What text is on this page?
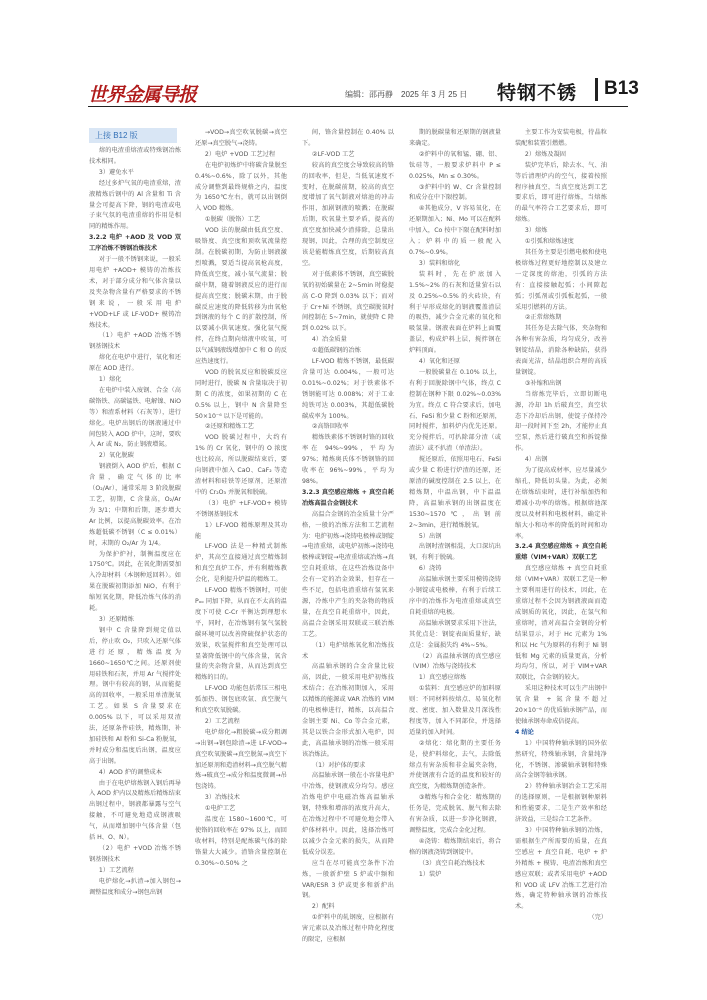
世界金属导报	编辑：邵再静　2025 年 3 月 25 日 特钢不锈 B13
上接 B12 版

熔的电渣重熔渣或特殊钢冶炼技术相同。

3）避免水平

经过多炉气氧的电渣重熔，渣液精炼后钢中的 Al 含量和 Ti 含量会可提高下降，钢的电渣或电子束气氛的电渣重熔的作用是相同的精炼作用。

3.2.2 电炉 +AOD 及 VOD 双工序冶炼不锈钢冶炼技术

对于一般不锈钢来说，一般采用电炉 +AOD+ 模铸的冶炼技术，对于部分成分和气体含量以及夹杂物含量有严格要求的不锈钢来说，一般采用电炉 +VOD+LF 或 LF-VOD+ 模铸冶炼技术。

（1）电炉 +AOD 冶炼不锈钢基钢技术

熔化在电炉中进行，氧化和还原在 AOD 进行。

1）熔化

在电炉中装入废钢、合金（高碳铬铁、高碳锰铁、电解镍、NiO 等）和渣系材料（石灰等），进行熔化。电炉出钢后的钢液通过中间包转入 AOD 炉中，这时，要吹入 Ar 或 N₂，防止钢液增氮。

2）氧化脱碳

钢液倒入 AOD 炉后，根据 C 含量，确定气体的比率（O₂/Ar），通常采用 3 阶段脱碳工艺，初期，C 含量高，O₂/Ar 为 3/1；中期和后期，逐步增大 Ar 比例，以提高脱碳效率。在冶炼超低碳不锈钢（C ≤ 0.01%）时，末期的 O₂/Ar 为 1/4。

为保护炉衬，制衡温度应在 1750℃。因此，在氧化期需要加入冷却材料（本钢种返回料）。如果在脱碳初期添加 NiO，有利于缩短氧化期，降低冶炼气体的消耗。

3）还原精炼

钢中 C 含量降到规定值以后，停止吹 O₂，只吹入还原气体进行还原，精炼温度为 1660~1650℃之间。还原剂使用硅铁和石灰，并用 Ar 气搅拌处理。钢中有较高的钢，从而能提高的回收率，一般采用单渣脱氧工艺。如果 S 含量要求在 0.005% 以下，可以采用双渣法，还原条件硅铁，精炼期，补加硅铁和 Al 粉和 Si-Ca 粉脱氧，并时成分和温度后出钢，温度应高于出钢。

4）AOD 炉的调整成本

由于在电炉熔炼钢入钢后再导入 AOD 炉内以及精炼后精炼结束出钢过程中，钢液都暴露与空气接触，不可避免地造成钢液吸气，从而增加钢中气体含量（包括 H、O、N）。

（2）电炉 +VOD 冶炼不锈钢基钢技术

1）工艺流程

电炉熔化→扒渣→加入钢包→调整温度和成分→钢包出钢

→VOD→真空吹氧脱碳→真空还原→真空脱气→浇铸。

2）电炉 +VOD 工艺过程

在电炉初炼炉中将碳含量脱至 0.4%~0.6%，除了以外，其他成分调整到最终规格之内，温度为 1650℃左右，就可以出钢倒入 VOD 精炼。

①脱碳（脱铬）工艺

VOD 法的脱碳由低真空度、吸铬度、真空度和顶吹氧流量控制。在脱碳初期，为防止钢液激烈喷溅，要适当提高氧枪高度，降低真空度，减小氧气流量；脱碳中期，随着钢液反应的进行而提高真空度；脱碳末期，由于脱碳反应速度的降低转移为由氧枪到钢液的每个 C 的扩散控制，所以要减小供氧速度。强化氩气搅拌，在终点期向熔液中吹氧，可以气减钢液线增加中 C 和 O 的反应热速度行。

VOD 的脱氧反应和脱碳反应同时进行，脱碳 N 含量取决于初期 C 的浓度，如果初期的 C 在 0.5% 以上，钢中 N 含量降至 50×10⁻⁶ 以下是可能的。

②还原和精炼工艺

VOD 脱碳过程中，大约有 1% 的 Cr 氧化，钢中的 O 浓度也比较高，所以脱碳结束后，要向钢液中加入 CaO、CaF₂ 等造渣材料和硅铁等还原剂，还原渣中的 Cr₂O₃ 并脱氧和脱硫。

（3）电炉 +LF-VOD+ 模铸不锈钢基钢技术

1）LF-VOD 精炼原理及其功能

LF-VOD 法是一种精式制炼炉，其高空直接通过真空精炼制和真空真炉工作，并有利精炼教会化，是利提升炉温的精炼工。

LF-VOD 精炼不锈钢时，可使 Pₒₒ 同加下降，从而在不太高的温度下可使 C-Cr 平衡达到理想水平，同时，在冶炼钢有氢气氢脱碳环境可以改善降硫保护状态的效果，吹氩搅拌和真空处理可以显著降低钢中的气体含量，氧含量的夹杂物含量，从而达到真空精炼的目的。

LF-VOD 功能包括常压三相电弧加热、钢包底吹氩、真空脱气和真空吹氧脱碳。

2）工艺流程

电炉熔化→粗脱碳→成分粗调→出钢→钢包除渣→进 LF-VOD→真空吹氧脱碳→真空脱氮→真空下加还原剂和造渣材料→真空脱气精炼→破真空→成分和温度微调→吊包浇铸。

3）冶炼技术

①电炉工艺

温度在 1580~1600℃，可使铬的回收率在 97% 以上，而回收材料，特别是配炼碳气体的除铬量大大减少。渣铬含量控制在 0.30%~0.50% 之

间，铬含量控制在 0.40% 以下。

②LF-VOD 工艺

较高的真空度会导致较高的铬的回收率，但是，当低氧速度不变时，在脱碳前期，较高的真空度增加了氧气制液对熔池的冲击作用，加剧钢液的喷溅；在脱碳后期，吹氧量主要矛盾，提高的真空度加快减少渣排除，总量出现钢，因此，合理的真空制度应该是能精炼真空度，后期较高真空。

对于低素体不锈钢，真空碳脱氧的初始碳量在 2~5min 时稳提高 C-O 降到 0.03% 以下；而对于 Cr+Ni 不锈钢，真空碳脱氧时间控制在 5~7min，就使降 C 降到 0.02% 以下。

4）冶金质量

①超低碳钢的冶炼

LF-VOD 精炼不锈钢，最低碳含量可达 0.004%，一般可达 0.01%~0.02%；对于铁素体不锈钢能可达 0.008%；对于工业纯铁可达 0.003%，其超低碳脱碳成率为 100%。

②高铬回收率

精炼铁素体不锈钢时铬的回收率在 94%~99%，平均为 97%；精炼奥氏体不锈钢铬的回收率在 96%~99%，平均为 98%。

3.2.3 真空感应熔炼 + 真空自耗冶炼高温合金钢技术

高温合金钢的冶金质量十分严格，一般的冶炼方法和工艺流程为：电炉初炼→浇铸电极棒或钢锭→电渣重熔，或电炉初炼→浇铸电极棒或钢锭→电渣重熔或冶炼→真空自耗重熔，在这些冶炼设备中会有一定的冶金效果，但存在一些不足，包括电渣重熔有氢氧来源，冷炼中产生的夹杂物的物质量，在真空自耗重熔中，因此，高温合金钢采用双联或三联冶炼工艺。

（1）电炉熔炼氧化和冶炼技术

高温轴承钢的合金含量比较高，因此，一般采用电炉初炼技术结合；在冶炼初期加入，采用以精炼的能源或 VAR 冶炼的 VIM 的电极棒进行，精炼，以高温合金钢主要 Ni、Co 等合金元素，其是以铁合金形式加入电炉，因此，高温轴承钢的冶炼一般采用该冶炼法。

（1）对护体的要求

高温轴承钢一般在小容量电炉中冶炼，使钢液成分均匀。感应冶炼电炉中电磁冶炼高温轴承钢，特殊和增溶的浓度升高大，在冶炼过程中不可避免地会带入炉体材料中。因此，选择冶炼可以减少合金元素的损失，从而降低成分误差。

应当在尽可能真空条件下冶炼，一般新炉壁 5 炉或中频和 VAR/ESR 3 炉或更多和新炉出钢。

2）配料

①炉料中的轧钢废，应根据有害元素以及冶炼过程中降化程度的限定，应根据

期的脱碳量和还原期的钢液量来确定。

②炉料中的氧和锰、硼、铝、钛硅等，一般要求炉料中 P ≤ 0.025%，Mn ≤ 0.30%。

③炉料中的 W、Cr 含量控制和成分在中下限控制。

④其他成分，V 容易氧化，在还原期加入；Ni、Mo 可以在配料中加入，Co 按中下限在配料时加入；炉料中的质一般配入 0.7%~0.9%。

3）装料和熔化

装料时，先在炉底加入 1.5%~2% 的石灰和适量萤石以及 0.25%~0.5% 的火砖块，有利于早形成熔化的钢液覆盖渣层的吸热，减少合金元素的氧化和吸氢量。钢液表面在炉料上面覆盖层，构成炉料上层，搅拌钢在炉料顶面。

4）氧化和还原

一般脱碳量在 0.10% 以上，有利于回脱除钢中气体，终点 C 控制在钢种下限 0.02%~0.03% 为宜。终点 C 符合要求后，加电石、FeSi 和少量 C 粉和还原剂，同时搅拌，加料炉内优先还原。充分搅拌后，可扒除部分渣（或渣法）或不扒渣（单渣法）。

搅还原后，依照用电石、FeSi 或少量 C 粉进行炉渣的还原，还原渣的碱度控制在 2.5 以上，在精炼期，中温出钢，中下温温降，高温轴承钢的出钢温度在 1530~1570℃，出钢前 2~3min，进行精炼脱氧。

5）出钢

出钢时渣钢相混，大口深坑出钢，有利于脱硫。

6）浇铸

高温轴承钢主要采用模铸浇铸小钢锭或电极棒，有利于后续工序中的冶炼作为电渣重熔或真空自耗重熔的电极。

高温轴承钢要求采用下注法，其优点是：钢锭表面质量好，缺点是：金属损失约 4%~5%。

（2）高温轴承钢的真空感应（VIM）冶炼与浇铸技术

1）真空感应熔炼

①装料：真空感应炉的加料原则：不同材料按熔点、易氧化程度、密度、加入数量及月深浅性程度等，加入不同部位，并选择适量的加入时间。

②熔化：熔化期的主要任务是，使炉料熔化，去气，去除低熔点有害杂质和非金属夹杂物，并使钢液有合适的温度和较好的真空度，为精炼期创造条件。

③精炼与和合金化：精炼期的任务是，完成脱氧、脱气和去除有害杂质，以进一步净化钢液，调整温度，完成合金化过程。

④浇铸：精炼期结束后，将合格的钢液浇铸到钢锭中。

（3）真空自耗冶炼技术

1）装炉

主要工作为安装电极，待晶粒装配和装置引燃燃。

2）熔炼及凝固

装炉完毕后，除去水、气、油等后清理炉内的空气，接着按照程序抽真空，当真空度达到工艺要求后，即可进行熔炼，当熔炼的最气率符合工艺要求后，即可熔炼。

3）熔炼

①引弧和熔炼速度

其任务主要是引燃电极和使电极熔炼过程更好地控制以及建立一定深度的熔池，引弧的方法有：直接接触起弧；小间隙起弧；引弧剂或引弧板起弧，一般采用引燃料的方法。

②正常熔炼期

其任务是去除气体，夹杂物和各种有害杂质，均匀成分，改善钢锭结晶，消除各种缺陷，获得表面光洁，结晶组织合理的高质量钢锭。

③补缩和出钢

当熔炼完毕后，立即切断电源，冷却 1h 后破真空，真空状态下冷却后出钢，使锭子保持冷却一段时间下至 2h，才能停止真空泵，然后进行破真空和拆锭操作。

4）出钢

为了提高成材率，应尽量减少缩孔，降低切头量。为此，必须在熔炼结束时，进行补缩加热和增减小功率的熔炼。根据熔池深度以及材料和电极材料，确定补缩大小和功率的降低的时间和功率。

3.2.4 真空感应熔炼 + 真空自耗重熔（VIM+VAR）双联工艺

真空感应熔炼 + 真空自耗重熔（VIM+VAR）双联工艺是一种主要利用进行的技术，因此，在重熔过程不会因为钢液液面而造成钢质的氧化，因此，在氢气和重熔时，渣对高温合金钢的分析结果显示，对于 Hc 元素为 1% 和以 Hc 气为原料的有利于 Ni 钢低和 Mg 元素的质量更高，分析均均匀，所以，对于 VIM+VAR 双联比，合金钢的较大。

采用这种技术可以生产出钢中氧含量 + 氮含量不超过 20×10⁻⁶ 的优质轴承钢产品，而使轴承钢寿命成倍提高。

4 结论

1）中国特种轴承钢的国外依然研究，特殊轴承钢，含量纯净化，不锈钢、渗碳轴承钢和特殊高合金钢等轴承钢。

2）特种轴承钢冶金工艺采用的选择原则，一是根据钢种原料和性能要求，二是生产效率和经济效益，三是综合工艺条件。

3）中国特种轴承钢的冶炼，需根据生产所需要的质量，在真空感应 + 真空自耗、电炉 + 炉外精炼 + 模铸、电渣冶炼和真空感应双联；或者采用电炉 +AOD 和 VOD 或 LFV 冶炼工艺进行冶炼，确定特种轴承钢的冶炼技术。

（完）
